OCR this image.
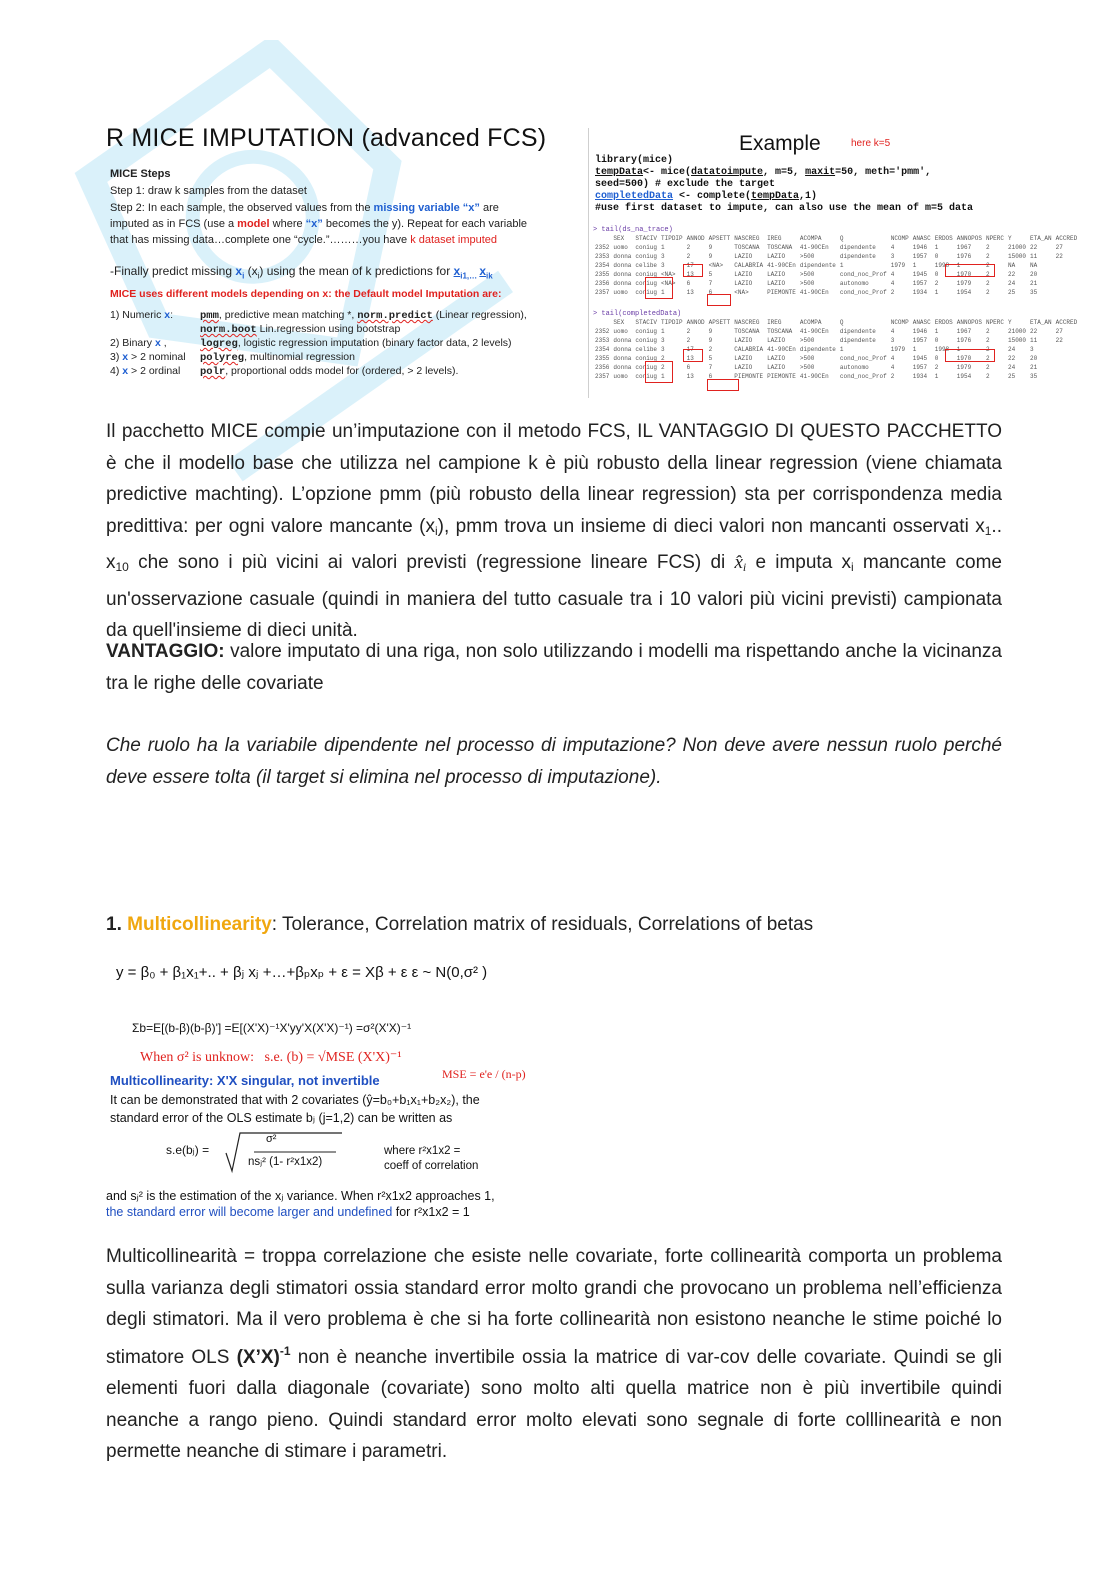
R MICE IMPUTATION (advanced FCS)
MICE Steps
Step 1: draw k samples from the dataset
Step 2: In each sample, the observed values from the missing variable “x” are
imputed as in FCS (use a model where “x” becomes the y). Repeat for each variable
that has missing data…complete one “cycle.”………you have k dataset imputed
-Finally predict missing $x_i$ $(x_i)$ using the mean of k predictions for $x_{i1,\dots}$ $x_{ik}$
MICE uses different models depending on x: the Default model Imputation are:
1) Numeric x:	pmm, predictive mean matching *, norm.predict (Linear regression),
norm.boot Lin.regression using bootstrap
2) Binary x ,	logreg, logistic regression imputation (binary factor data, 2 levels)
3) x > 2 nominal polyreg, multinomial regression
4) x > 2 ordinal polr, proportional odds model for (ordered, > 2 levels).
Example	here k=5
library(mice)
tempData<- mice(datatoimpute, m=5, maxit=50, meth='pmm',
seed=500) # exclude the target
completedData <- complete(tempData,1)
#use first dataset to impute, can also use the mean of m=5 data
> tail(ds_na_trace)
	SEX	STACIV	TIPDIP	ANNOD	APSETT	NASCREG	IREG	ACOMPA	Q	NCOMP	ANASC	ERDOS	ANNOPOS	NPERC	Y	ETA_AN	ACCRED
2352	uomo	coniug	1	2	9	TOSCANA	TOSCANA	41-90CEn	dipendente	4	1946	1	1967	2	21000	22	27
2353	donna	coniug	3	2	9	LAZIO	LAZIO	>500	dipendente	3	1957	0	1976	2	15000	11	22
2354	donna	celibe	3	17	<NA>	CALABRIA	41-90CEn	dipendente	1	1979	1	1998	1	2	NA	NA	
2355	donna	coniug	<NA>	13	5	LAZIO	LAZIO	>500	cond_noc_Prof	4	1945	0	1970	2	22	20	
2356	donna	coniug	<NA>	6	7	LAZIO	LAZIO	>500	autonomo	4	1957	2	1979	2	24	21	
2357	uomo	coniug	1	13	6	<NA>	PIEMONTE	41-90CEn	cond_noc_Prof	2	1934	1	1954	2	25	35	
> tail(completedData)
	SEX	STACIV	TIPDIP	ANNOD	APSETT	NASCREG	IREG	ACOMPA	Q	NCOMP	ANASC	ERDOS	ANNOPOS	NPERC	Y	ETA_AN	ACCRED
2352	uomo	coniug	1	2	9	TOSCANA	TOSCANA	41-90CEn	dipendente	4	1946	1	1967	2	21000	22	27
2353	donna	coniug	3	2	9	LAZIO	LAZIO	>500	dipendente	3	1957	0	1976	2	15000	11	22
2354	donna	celibe	3	17	2	CALABRIA	41-90CEn	dipendente	1	1979	1	1998	1	2	24	3	
2355	donna	coniug	2	13	5	LAZIO	LAZIO	>500	cond_noc_Prof	4	1945	0	1970	2	22	20	
2356	donna	coniug	2	6	7	LAZIO	LAZIO	>500	autonomo	4	1957	2	1979	2	24	21	
2357	uomo	coniug	1	13	6	PIEMONTE	PIEMONTE	41-90CEn	cond_noc_Prof	2	1934	1	1954	2	25	35	
Il pacchetto MICE compie un’imputazione con il metodo FCS, IL VANTAGGIO DI QUESTO PACCHETTO è che il modello base che utilizza nel campione k è più robusto della linear regression (viene chiamata predictive machting). L’opzione pmm (più robusto della linear regression) sta per corrispondenza media predittiva: per ogni valore mancante $(x_i)$, pmm trova un insieme di dieci valori non mancanti osservati $x_1$.. $x_{10}$ che sono i più vicini ai valori previsti (regressione lineare FCS) di $x̂_i$ e imputa $x_i$ mancante come un'osservazione casuale (quindi in maniera del tutto casuale tra i 10 valori più vicini previsti) campionata da quell'insieme di dieci unità.
VANTAGGIO: valore imputato di una riga, non solo utilizzando i modelli ma rispettando anche la vicinanza tra le righe delle covariate
Che ruolo ha la variabile dipendente nel processo di imputazione? Non deve avere nessun ruolo perché deve essere tolta (il target si elimina nel processo di imputazione).
1. Multicollinearity: Tolerance, Correlation matrix of residuals, Correlations of betas
y = β₀ + β₁x₁+.. + βⱼ xⱼ +…+βₚxₚ + ε = Xβ + ε ε ~ N(0,σ² )
Σb=E[(b-β)(b-β)'] =E[(X'X)⁻¹X'yy'X(X'X)⁻¹) =σ²(X'X)⁻¹
When σ² is unknow: s.e. (b) = √MSE (X'X)⁻¹
MSE = e'e / (n-p)
Multicollinearity: X'X singular, not invertible
It can be demonstrated that with 2 covariates (ŷ=b₀+b₁x₁+b₂x₂), the
standard error of the OLS estimate bⱼ (j=1,2) can be written as
s.e(bⱼ) =
σ²
nsⱼ² (1- r²x1x2)
where r²x1x2 =
coeff of correlation
and sⱼ² is the estimation of the xⱼ variance. When r²x1x2 approaches 1,
the standard error will become larger and undefined for r²x1x2 = 1
Multicollinearità = troppa correlazione che esiste nelle covariate, forte collinearità comporta un problema sulla varianza degli stimatori ossia standard error molto grandi che provocano un problema nell’efficienza degli stimatori. Ma il vero problema è che si ha forte collinearità non esistono neanche le stime poiché lo stimatore OLS (X’X)$^{-1}$ non è neanche invertibile ossia la matrice di var-cov delle covariate. Quindi se gli elementi fuori dalla diagonale (covariate) sono molto alti quella matrice non è più invertibile quindi neanche a rango pieno. Quindi standard error molto elevati sono segnale di forte colllinearità e non permette neanche di stimare i parametri.
